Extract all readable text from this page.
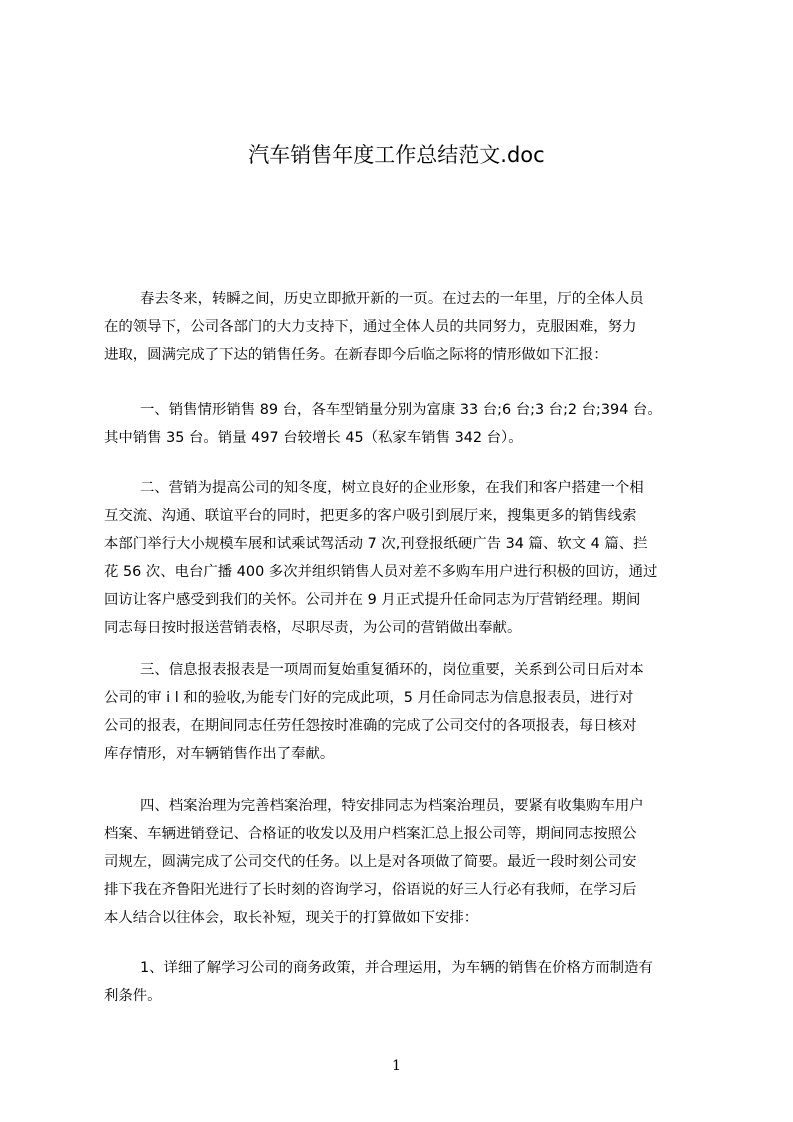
汽车销售年度工作总结范文.doc
春去冬来，转瞬之间，历史立即掀开新的一页。在过去的一年里，厅的全体人员
在的领导下，公司各部门的大力支持下，通过全体人员的共同努力，克服困难，努力
进取，圆满完成了下达的销售任务。在新春即今后临之际将的情形做如下汇报：
一、销售情形销售 89 台，各车型销量分别为富康 33 台;6 台;3 台;2 台;394 台。
其中销售 35 台。销量 497 台较增长 45（私家车销售 342 台）。
二、营销为提高公司的知冬度，树立良好的企业形象，在我们和客户搭建一个相
互交流、沟通、联谊平台的同时，把更多的客户吸引到展厅来，搜集更多的销售线索
本部门举行大小规模车展和试乘试驾活动 7 次,刊登报纸硬广告 34 篇、软文 4 篇、拦
花 56 次、电台广播 400 多次并组织销售人员对差不多购车用户进行积极的回访，通过
回访让客户感受到我们的关怀。公司并在 9 月正式提升任命同志为厅营销经理。期间
同志每日按时报送营销表格，尽职尽责，为公司的营销做出奉献。
三、信息报表报表是一项周而复始重复循环的，岗位重要，关系到公司日后对本
公司的审 i l 和的验收,为能专门好的完成此项，5 月任命同志为信息报表员，进行对
公司的报表，在期间同志任劳任怨按时准确的完成了公司交付的各项报表，每日核对
库存情形，对车辆销售作出了奉献。
四、档案治理为完善档案治理，特安排同志为档案治理员，要紧有收集购车用户
档案、车辆进销登记、合格证的收发以及用户档案汇总上报公司等，期间同志按照公
司规左，圆满完成了公司交代的任务。以上是对各项做了简要。最近一段时刻公司安
排下我在齐鲁阳光进行了长时刻的咨询学习，俗语说的好三人行必有我师，在学习后
本人结合以往体会，取长补短，现关于的打算做如下安排：
1、详细了解学习公司的商务政策，并合理运用，为车辆的销售在价格方而制造有
利条件。
1
